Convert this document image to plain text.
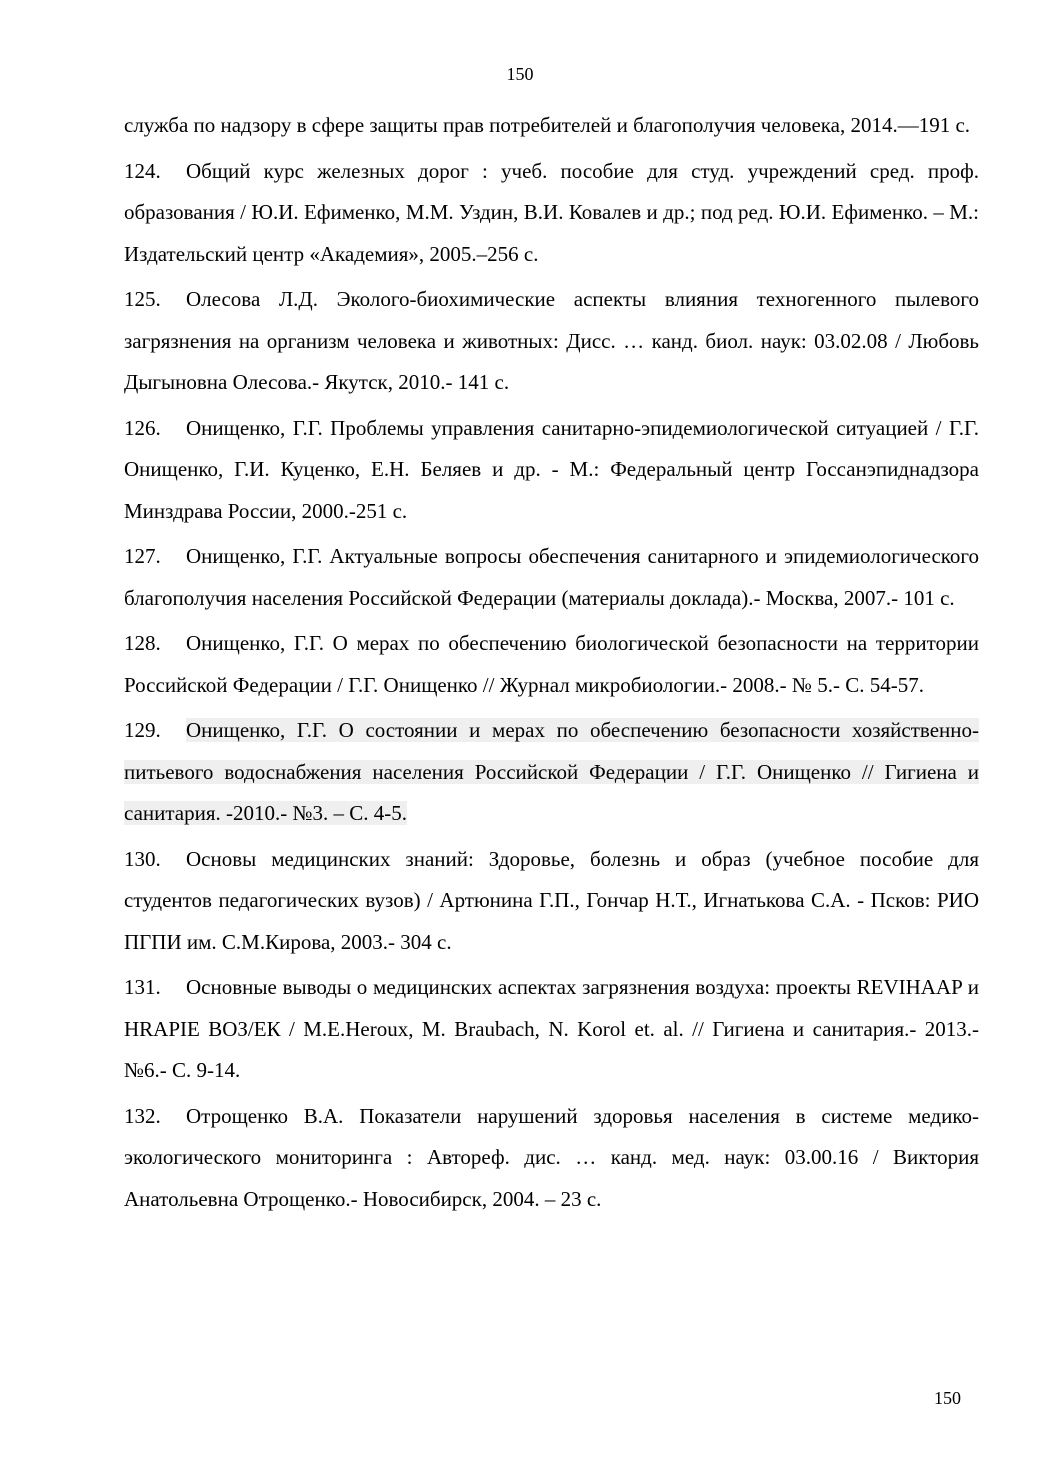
150

служба по надзору в сфере защиты прав потребителей и благополучия человека, 2014.—191 с.

124. Общий курс железных дорог : учеб. пособие для студ. учреждений сред. проф. образования / Ю.И. Ефименко, М.М. Уздин, В.И. Ковалев и др.; под ред. Ю.И. Ефименко. – М.: Издательский центр «Академия», 2005.–256 с.

125. Олесова Л.Д. Эколого-биохимические аспекты влияния техногенного пылевого загрязнения на организм человека и животных: Дисс. … канд. биол. наук: 03.02.08 / Любовь Дыгыновна Олесова.- Якутск, 2010.- 141 с.

126. Онищенко, Г.Г. Проблемы управления санитарно-эпидемиологической ситуацией / Г.Г. Онищенко, Г.И. Куценко, Е.Н. Беляев и др. - М.: Федеральный центр Госсанэпиднадзора Минздрава России, 2000.-251 с.

127. Онищенко, Г.Г. Актуальные вопросы обеспечения санитарного и эпидемиологического благополучия населения Российской Федерации (материалы доклада).- Москва, 2007.- 101 с.

128. Онищенко, Г.Г. О мерах по обеспечению биологической безопасности на территории Российской Федерации / Г.Г. Онищенко // Журнал микробиологии.- 2008.- № 5.- С. 54-57.

129. Онищенко, Г.Г. О состоянии и мерах по обеспечению безопасности хозяйственно-питьевого водоснабжения населения Российской Федерации / Г.Г. Онищенко // Гигиена и санитария. -2010.- №3. – С. 4-5.

130. Основы медицинских знаний: Здоровье, болезнь и образ (учебное пособие для студентов педагогических вузов) / Артюнина Г.П., Гончар Н.Т., Игнатькова С.А. - Псков: РИО ПГПИ им. С.М.Кирова, 2003.- 304 с.

131. Основные выводы о медицинских аспектах загрязнения воздуха: проекты REVIHAAP и HRAPIE ВОЗ/ЕК / M.E.Heroux, M. Braubach, N. Korol et. al. // Гигиена и санитария.- 2013.- №6.- С. 9-14.

132. Отрощенко В.А. Показатели нарушений здоровья населения в системе медико-экологического мониторинга : Автореф. дис. … канд. мед. наук: 03.00.16 / Виктория Анатольевна Отрощенко.- Новосибирск, 2004. – 23 с.

150
